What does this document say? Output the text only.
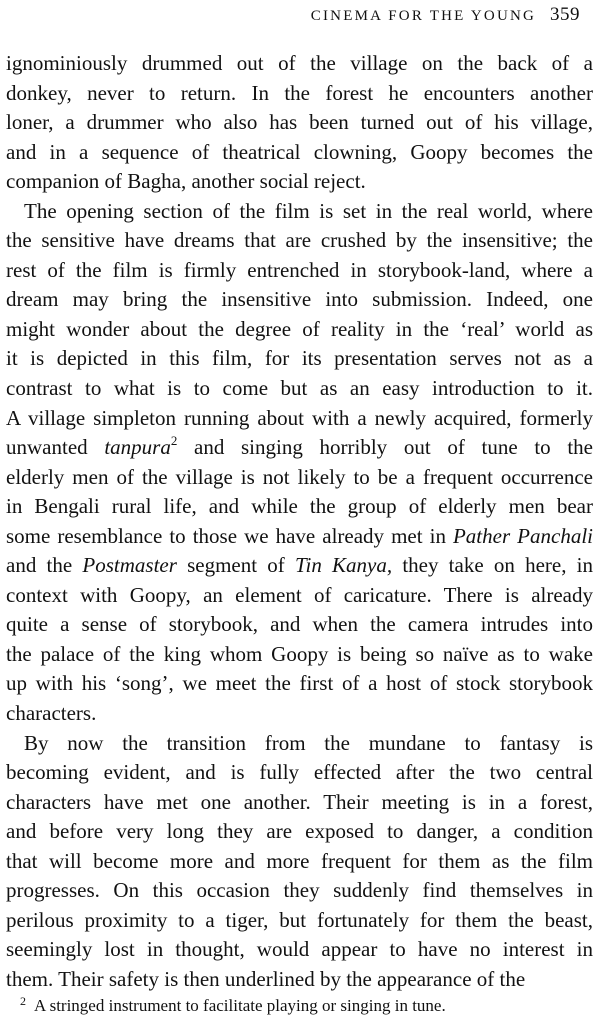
CINEMA FOR THE YOUNG 359
ignominiously drummed out of the village on the back of a
donkey, never to return. In the forest he encounters another
loner, a drummer who also has been turned out of his village,
and in a sequence of theatrical clowning, Goopy becomes the
companion of Bagha, another social reject.
The opening section of the film is set in the real world, where
the sensitive have dreams that are crushed by the insensitive; the
rest of the film is firmly entrenched in storybook-land, where a
dream may bring the insensitive into submission. Indeed, one
might wonder about the degree of reality in the ‘real’ world as
it is depicted in this film, for its presentation serves not as a
contrast to what is to come but as an easy introduction to it.
A village simpleton running about with a newly acquired, formerly
unwanted tanpura$^2$ and singing horribly out of tune to the
elderly men of the village is not likely to be a frequent occurrence
in Bengali rural life, and while the group of elderly men bear
some resemblance to those we have already met in Pather Panchali
and the Postmaster segment of Tin Kanya, they take on here, in
context with Goopy, an element of caricature. There is already
quite a sense of storybook, and when the camera intrudes into
the palace of the king whom Goopy is being so naïve as to wake
up with his ‘song’, we meet the first of a host of stock storybook
characters.
By now the transition from the mundane to fantasy is
becoming evident, and is fully effected after the two central
characters have met one another. Their meeting is in a forest,
and before very long they are exposed to danger, a condition
that will become more and more frequent for them as the film
progresses. On this occasion they suddenly find themselves in
perilous proximity to a tiger, but fortunately for them the beast,
seemingly lost in thought, would appear to have no interest in
them. Their safety is then underlined by the appearance of the
$^2$ A stringed instrument to facilitate playing or singing in tune.
